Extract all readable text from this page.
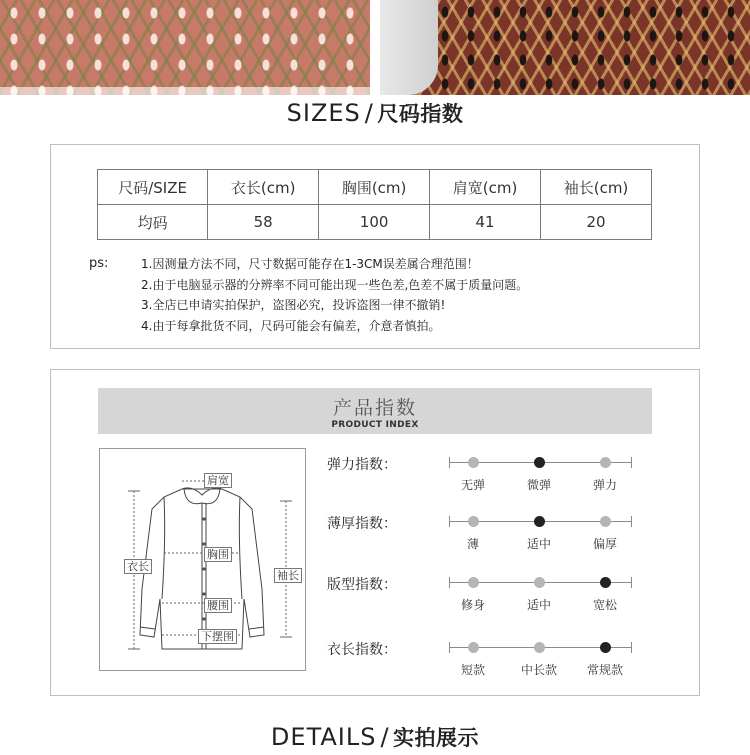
SIZES / 尺码指数
尺码/SIZE	衣长(cm)	胸围(cm)	肩宽(cm)	袖长(cm)
均码	58	100	41	20
ps:	1.因测量方法不同，尺寸数据可能存在1-3CM误差属合理范围！
2.由于电脑显示器的分辨率不同可能出现一些色差,色差不属于质量问题。
3.全店已申请实拍保护，盗图必究，投诉盗图一律不撤销!
4.由于每拿批货不同，尺码可能会有偏差，介意者慎拍。
产品指数
PRODUCT INDEX
肩宽
衣长
胸围
袖长
腰围
下摆围
弹力指数：
无弹	微弹	弹力
薄厚指数：
薄	适中	偏厚
版型指数：
修身	适中	宽松
衣长指数：
短款	中长款	常规款
DETAILS / 实拍展示
